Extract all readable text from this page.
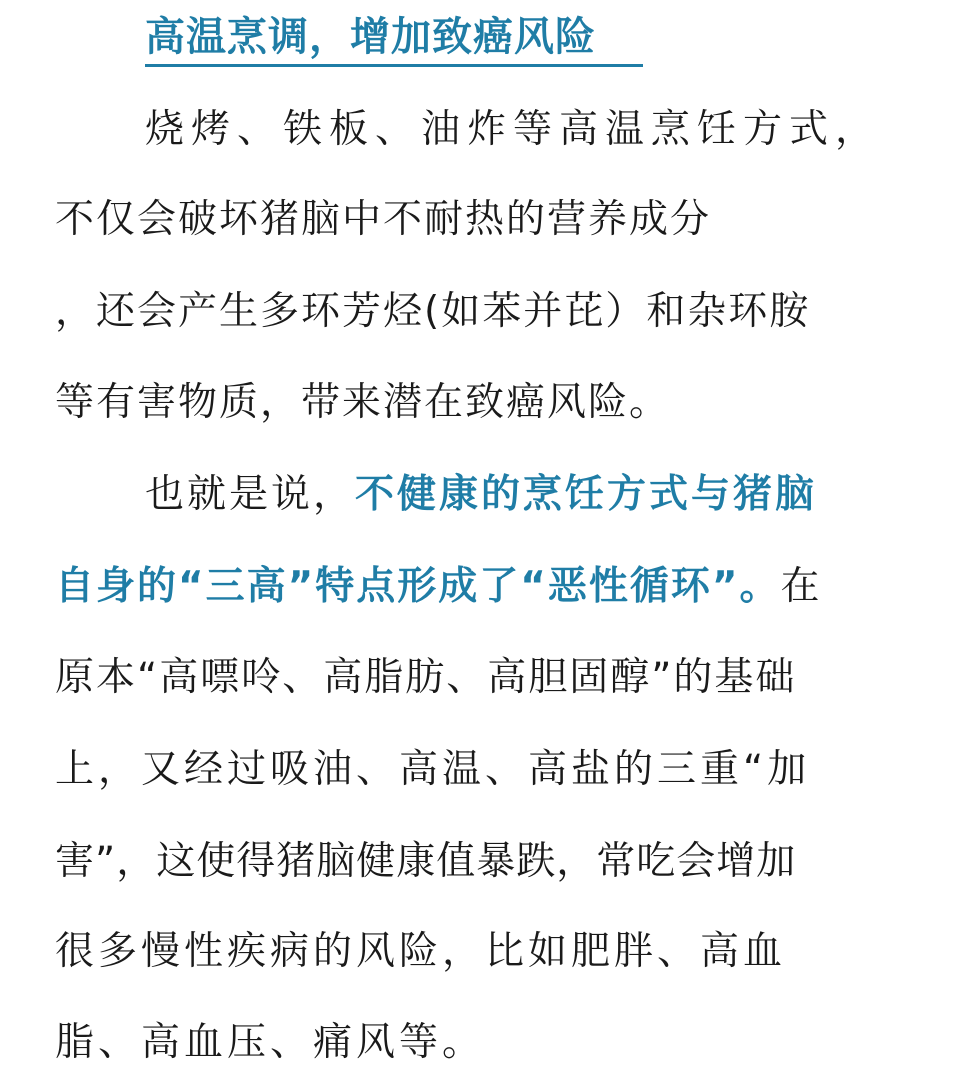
高温烹调，增加致癌风险

烧烤、铁板、油炸等高温烹饪方式，

不仅会破坏猪脑中不耐热的营养成分

，还会产生多环芳烃(如苯并芘）和杂环胺

等有害物质，带来潜在致癌风险。

也就是说，不健康的烹饪方式与猪脑

自身的“三高”特点形成了“恶性循环”。在

原本“高嘌呤、高脂肪、高胆固醇”的基础

上，又经过吸油、高温、高盐的三重“加

害”，这使得猪脑健康值暴跌，常吃会增加

很多慢性疾病的风险，比如肥胖、高血

脂、高血压、痛风等。
